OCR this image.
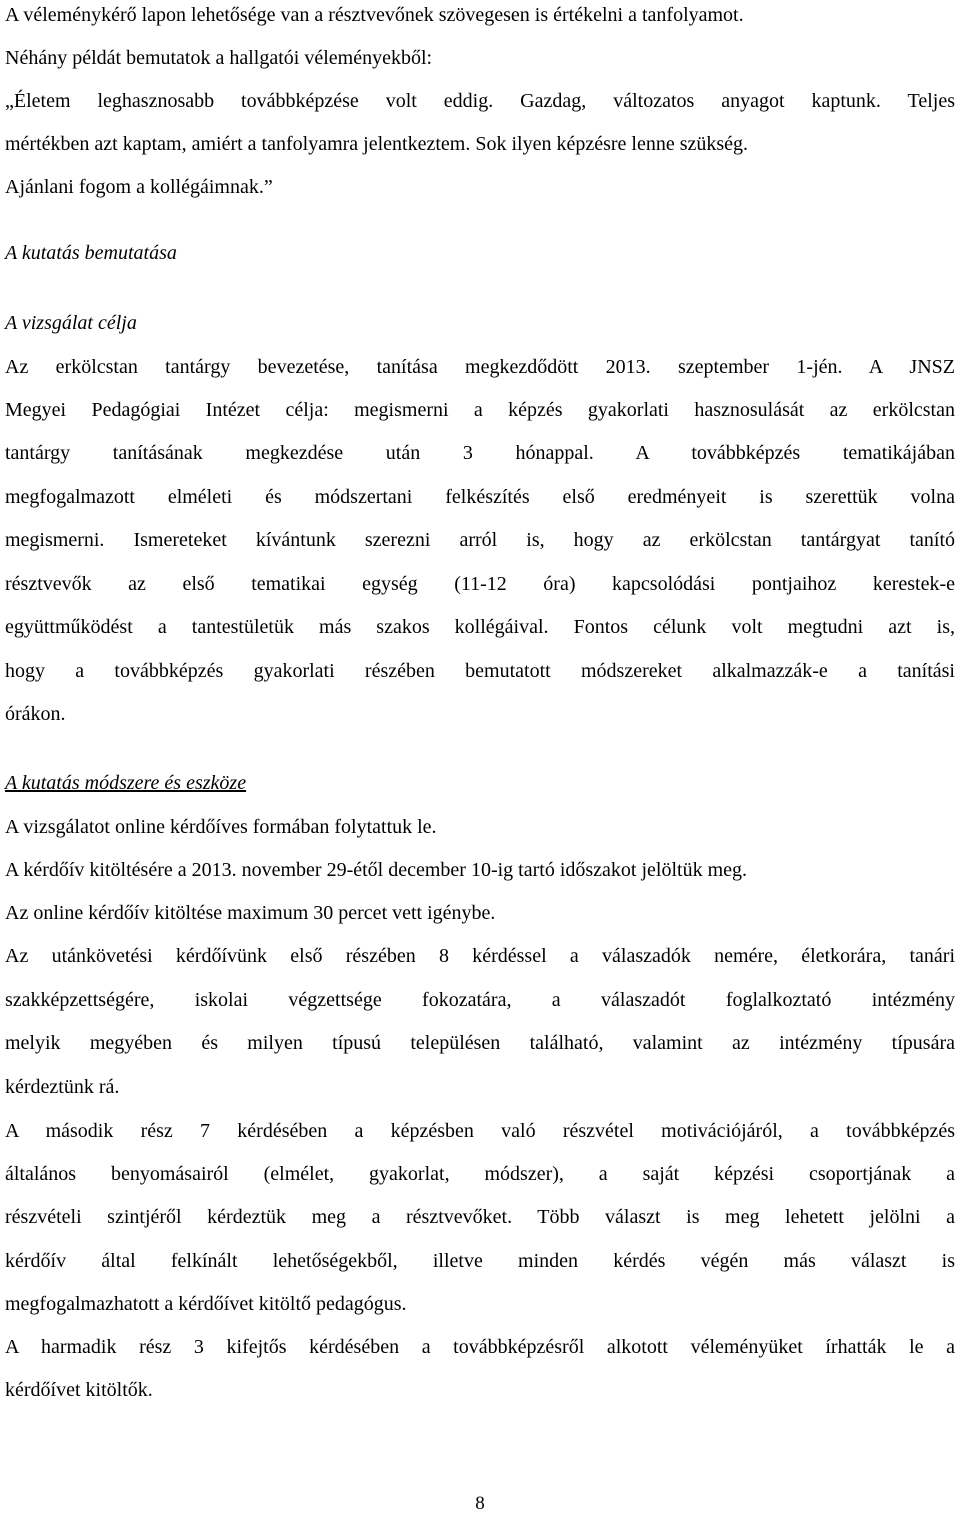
A véleménykérő lapon lehetősége van a résztvevőnek szövegesen is értékelni a tanfolyamot.
Néhány példát bemutatok a hallgatói véleményekből:
„Életem leghasznosabb továbbképzése volt eddig. Gazdag, változatos anyagot kaptunk. Teljes
mértékben azt kaptam, amiért a tanfolyamra jelentkeztem. Sok ilyen képzésre lenne szükség.
Ajánlani fogom a kollégáimnak.”
A kutatás bemutatása
A vizsgálat célja
Az erkölcstan tantárgy bevezetése, tanítása megkezdődött 2013. szeptember 1-jén. A JNSZ
Megyei Pedagógiai Intézet célja: megismerni a képzés gyakorlati hasznosulását az erkölcstan
tantárgy tanításának megkezdése után 3 hónappal. A továbbképzés tematikájában
megfogalmazott elméleti és módszertani felkészítés első eredményeit is szerettük volna
megismerni. Ismereteket kívántunk szerezni arról is, hogy az erkölcstan tantárgyat tanító
résztvevők az első tematikai egység (11-12 óra) kapcsolódási pontjaihoz kerestek-e
együttműködést a tantestületük más szakos kollégáival. Fontos célunk volt megtudni azt is,
hogy a továbbképzés gyakorlati részében bemutatott módszereket alkalmazzák-e a tanítási
órákon.
A kutatás módszere és eszköze
A vizsgálatot online kérdőíves formában folytattuk le.
A kérdőív kitöltésére a 2013. november 29-étől december 10-ig tartó időszakot jelöltük meg.
Az online kérdőív kitöltése maximum 30 percet vett igénybe.
Az utánkövetési kérdőívünk első részében 8 kérdéssel a válaszadók nemére, életkorára, tanári
szakképzettségére, iskolai végzettsége fokozatára, a válaszadót foglalkoztató intézmény
melyik megyében és milyen típusú településen található, valamint az intézmény típusára
kérdeztünk rá.
A második rész 7 kérdésében a képzésben való részvétel motivációjáról, a továbbképzés
általános benyomásairól (elmélet, gyakorlat, módszer), a saját képzési csoportjának a
részvételi szintjéről kérdeztük meg a résztvevőket. Több választ is meg lehetett jelölni a
kérdőív által felkínált lehetőségekből, illetve minden kérdés végén más választ is
megfogalmazhatott a kérdőívet kitöltő pedagógus.
A harmadik rész 3 kifejtős kérdésében a továbbképzésről alkotott véleményüket írhatták le a
kérdőívet kitöltők.
8
